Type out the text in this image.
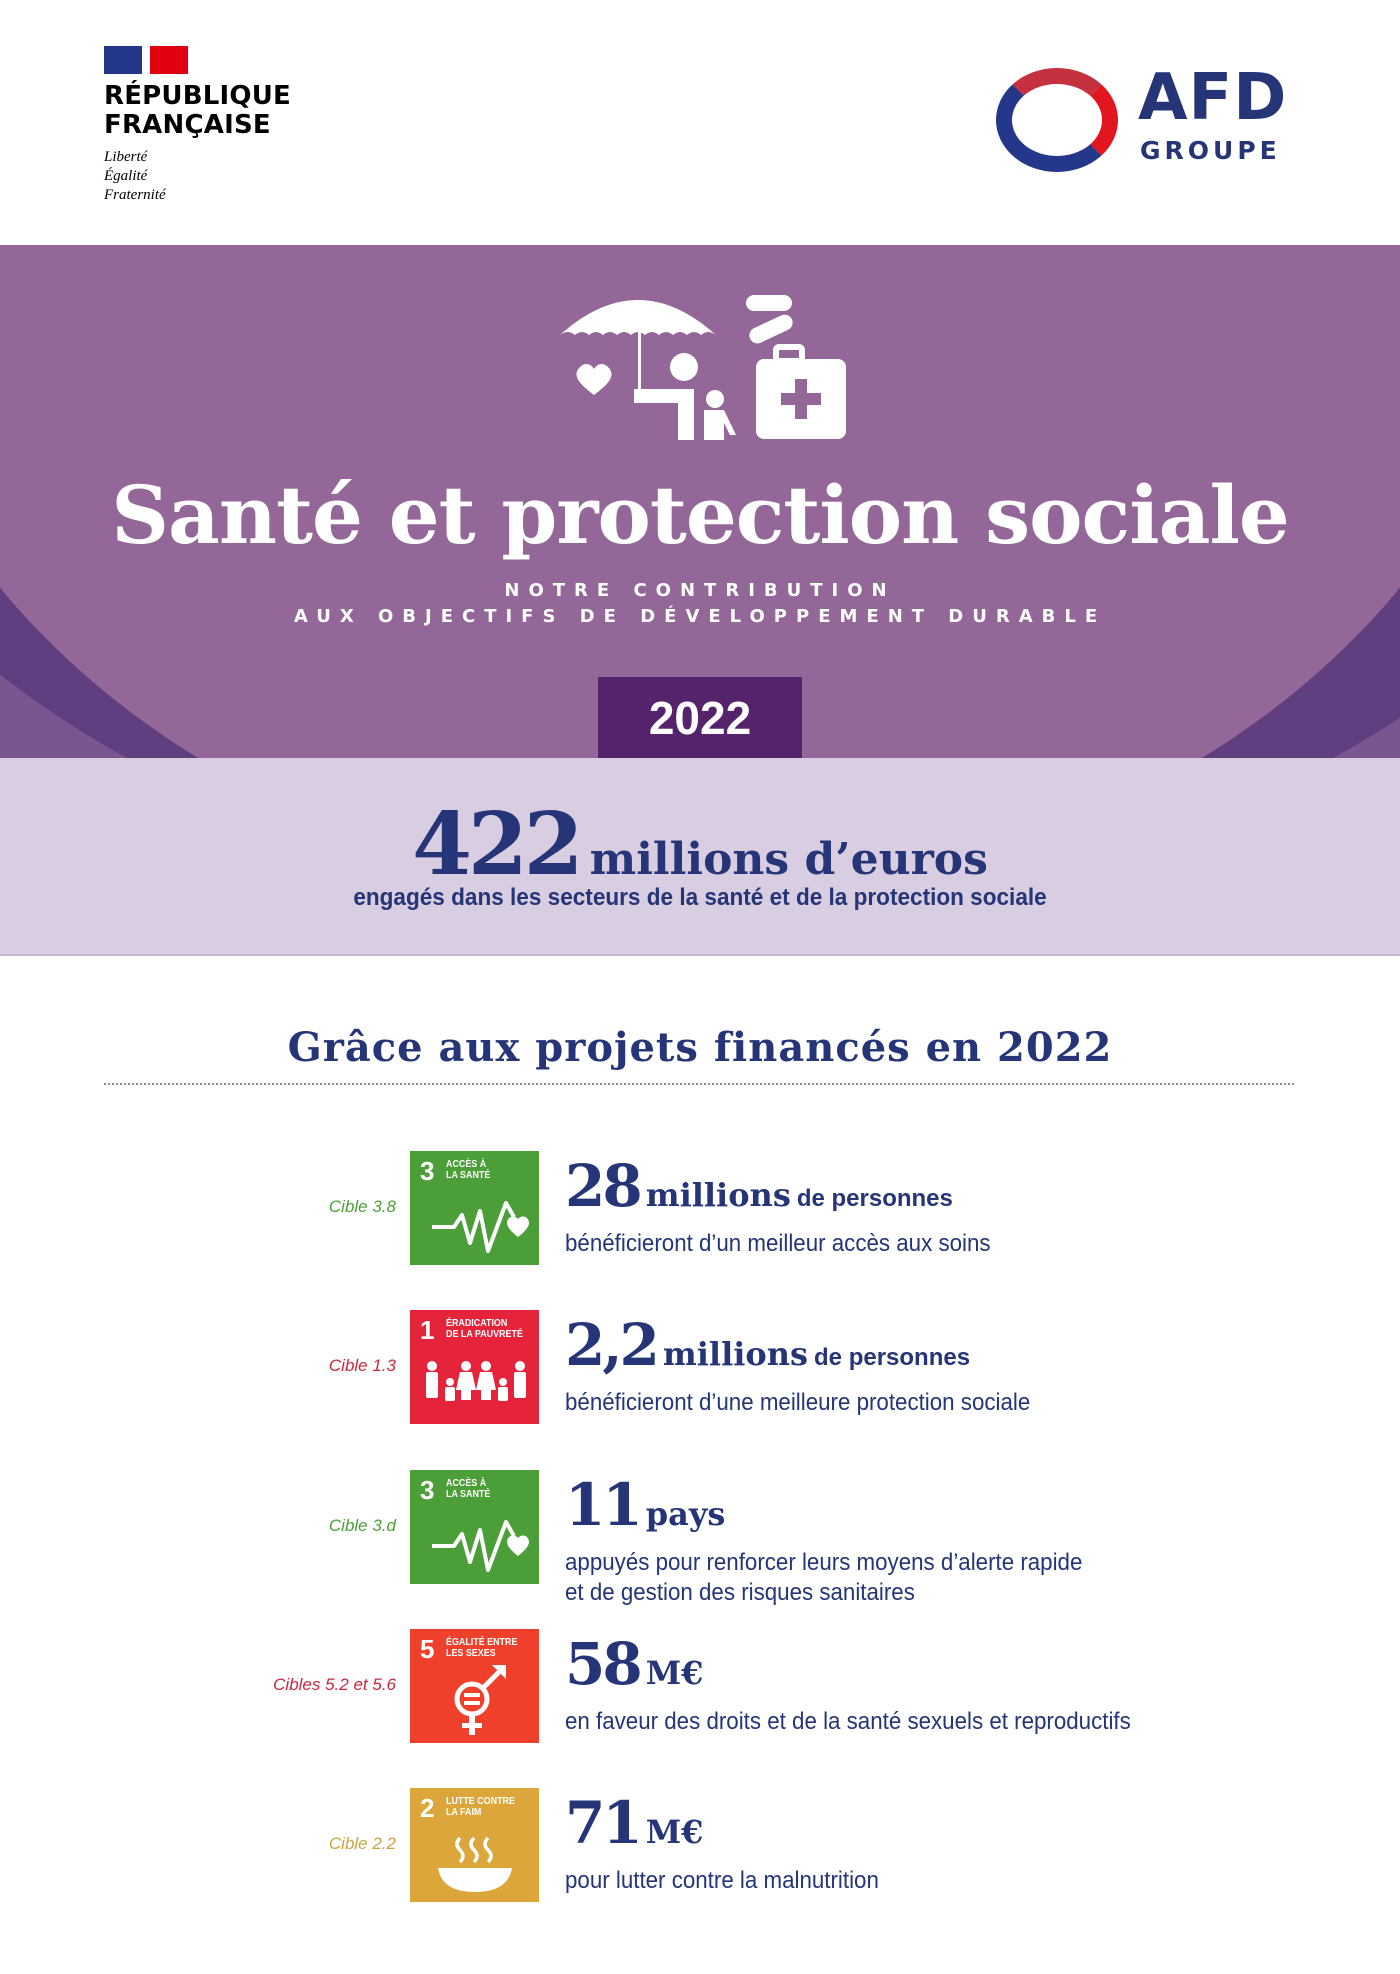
RÉPUBLIQUE
FRANÇAISE
Liberté
Égalité
Fraternité
AFD
GROUPE
Santé et protection sociale
NOTRE CONTRIBUTION
AUX OBJECTIFS DE DÉVELOPPEMENT DURABLE
2022
422 millions d’euros
engagés dans les secteurs de la santé et de la protection sociale
Grâce aux projets financés en 2022
Cible 3.8
3 ACCÈS À
LA SANTÉ 28 millions de personnes
bénéficieront d’un meilleur accès aux soins
Cible 1.3
1 ÉRADICATION
DE LA PAUVRETÉ 2,2 millions de personnes
bénéficieront d’une meilleure protection sociale
Cible 3.d
3 ACCÈS À
LA SANTÉ 11 pays
appuyés pour renforcer leurs moyens d’alerte rapide
et de gestion des risques sanitaires
Cibles 5.2 et 5.6
5 ÉGALITÉ ENTRE
LES SEXES	58 M€
en faveur des droits et de la santé sexuels et reproductifs
Cible 2.2
2 LUTTE CONTRE
LA FAIM	71 M€
pour lutter contre la malnutrition
